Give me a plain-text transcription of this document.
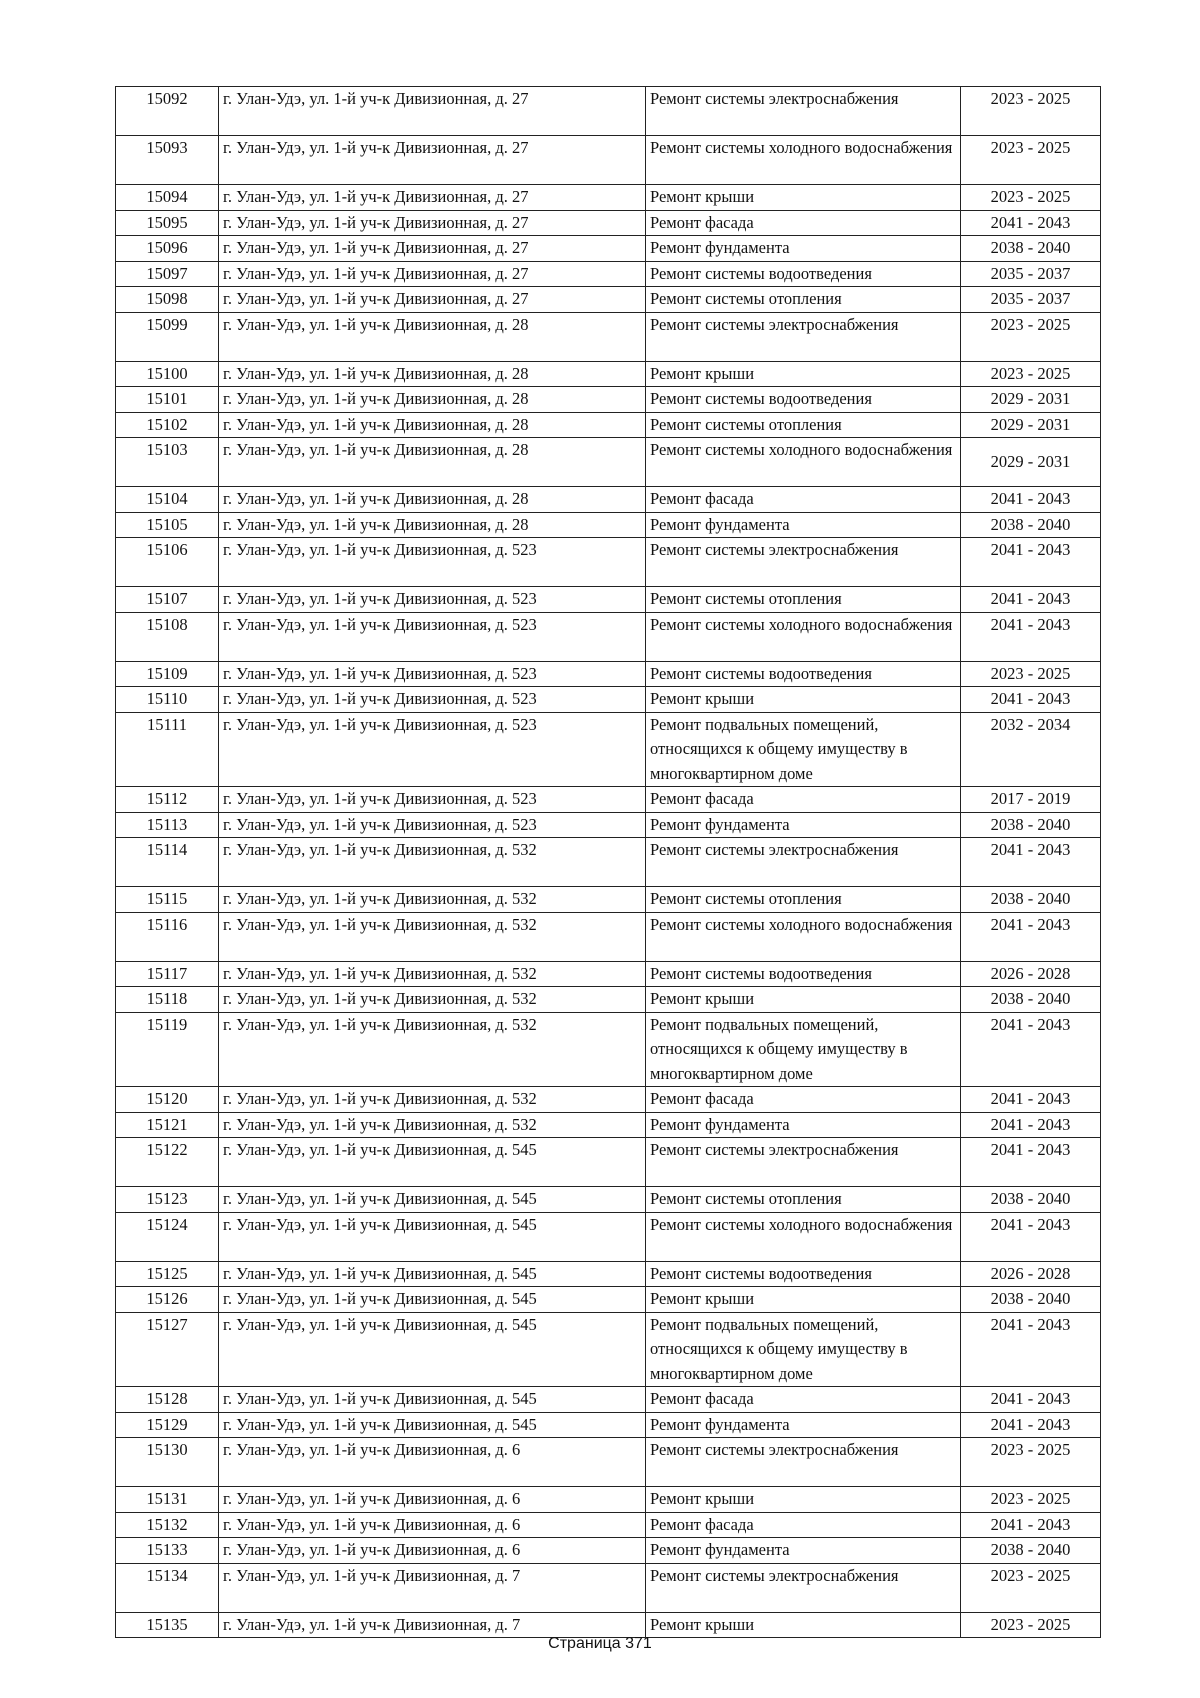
15092	г. Улан-Удэ, ул. 1-й уч-к Дивизионная, д. 27	Ремонт системы электроснабжения	2023 - 2025
15093	г. Улан-Удэ, ул. 1-й уч-к Дивизионная, д. 27	Ремонт системы холодного водоснабжения	2023 - 2025
15094	г. Улан-Удэ, ул. 1-й уч-к Дивизионная, д. 27	Ремонт крыши	2023 - 2025
15095	г. Улан-Удэ, ул. 1-й уч-к Дивизионная, д. 27	Ремонт фасада	2041 - 2043
15096	г. Улан-Удэ, ул. 1-й уч-к Дивизионная, д. 27	Ремонт фундамента	2038 - 2040
15097	г. Улан-Удэ, ул. 1-й уч-к Дивизионная, д. 27	Ремонт системы водоотведения	2035 - 2037
15098	г. Улан-Удэ, ул. 1-й уч-к Дивизионная, д. 27	Ремонт системы отопления	2035 - 2037
15099	г. Улан-Удэ, ул. 1-й уч-к Дивизионная, д. 28	Ремонт системы электроснабжения	2023 - 2025
15100	г. Улан-Удэ, ул. 1-й уч-к Дивизионная, д. 28	Ремонт крыши	2023 - 2025
15101	г. Улан-Удэ, ул. 1-й уч-к Дивизионная, д. 28	Ремонт системы водоотведения	2029 - 2031
15102	г. Улан-Удэ, ул. 1-й уч-к Дивизионная, д. 28	Ремонт системы отопления	2029 - 2031
15103	г. Улан-Удэ, ул. 1-й уч-к Дивизионная, д. 28	Ремонт системы холодного водоснабжения	2029 - 2031
15104	г. Улан-Удэ, ул. 1-й уч-к Дивизионная, д. 28	Ремонт фасада	2041 - 2043
15105	г. Улан-Удэ, ул. 1-й уч-к Дивизионная, д. 28	Ремонт фундамента	2038 - 2040
15106	г. Улан-Удэ, ул. 1-й уч-к Дивизионная, д. 523	Ремонт системы электроснабжения	2041 - 2043
15107	г. Улан-Удэ, ул. 1-й уч-к Дивизионная, д. 523	Ремонт системы отопления	2041 - 2043
15108	г. Улан-Удэ, ул. 1-й уч-к Дивизионная, д. 523	Ремонт системы холодного водоснабжения	2041 - 2043
15109	г. Улан-Удэ, ул. 1-й уч-к Дивизионная, д. 523	Ремонт системы водоотведения	2023 - 2025
15110	г. Улан-Удэ, ул. 1-й уч-к Дивизионная, д. 523	Ремонт крыши	2041 - 2043
15111	г. Улан-Удэ, ул. 1-й уч-к Дивизионная, д. 523	Ремонт подвальных помещений, относящихся к общему имуществу в многоквартирном доме	2032 - 2034
15112	г. Улан-Удэ, ул. 1-й уч-к Дивизионная, д. 523	Ремонт фасада	2017 - 2019
15113	г. Улан-Удэ, ул. 1-й уч-к Дивизионная, д. 523	Ремонт фундамента	2038 - 2040
15114	г. Улан-Удэ, ул. 1-й уч-к Дивизионная, д. 532	Ремонт системы электроснабжения	2041 - 2043
15115	г. Улан-Удэ, ул. 1-й уч-к Дивизионная, д. 532	Ремонт системы отопления	2038 - 2040
15116	г. Улан-Удэ, ул. 1-й уч-к Дивизионная, д. 532	Ремонт системы холодного водоснабжения	2041 - 2043
15117	г. Улан-Удэ, ул. 1-й уч-к Дивизионная, д. 532	Ремонт системы водоотведения	2026 - 2028
15118	г. Улан-Удэ, ул. 1-й уч-к Дивизионная, д. 532	Ремонт крыши	2038 - 2040
15119	г. Улан-Удэ, ул. 1-й уч-к Дивизионная, д. 532	Ремонт подвальных помещений, относящихся к общему имуществу в многоквартирном доме	2041 - 2043
15120	г. Улан-Удэ, ул. 1-й уч-к Дивизионная, д. 532	Ремонт фасада	2041 - 2043
15121	г. Улан-Удэ, ул. 1-й уч-к Дивизионная, д. 532	Ремонт фундамента	2041 - 2043
15122	г. Улан-Удэ, ул. 1-й уч-к Дивизионная, д. 545	Ремонт системы электроснабжения	2041 - 2043
15123	г. Улан-Удэ, ул. 1-й уч-к Дивизионная, д. 545	Ремонт системы отопления	2038 - 2040
15124	г. Улан-Удэ, ул. 1-й уч-к Дивизионная, д. 545	Ремонт системы холодного водоснабжения	2041 - 2043
15125	г. Улан-Удэ, ул. 1-й уч-к Дивизионная, д. 545	Ремонт системы водоотведения	2026 - 2028
15126	г. Улан-Удэ, ул. 1-й уч-к Дивизионная, д. 545	Ремонт крыши	2038 - 2040
15127	г. Улан-Удэ, ул. 1-й уч-к Дивизионная, д. 545	Ремонт подвальных помещений, относящихся к общему имуществу в многоквартирном доме	2041 - 2043
15128	г. Улан-Удэ, ул. 1-й уч-к Дивизионная, д. 545	Ремонт фасада	2041 - 2043
15129	г. Улан-Удэ, ул. 1-й уч-к Дивизионная, д. 545	Ремонт фундамента	2041 - 2043
15130	г. Улан-Удэ, ул. 1-й уч-к Дивизионная, д. 6	Ремонт системы электроснабжения	2023 - 2025
15131	г. Улан-Удэ, ул. 1-й уч-к Дивизионная, д. 6	Ремонт крыши	2023 - 2025
15132	г. Улан-Удэ, ул. 1-й уч-к Дивизионная, д. 6	Ремонт фасада	2041 - 2043
15133	г. Улан-Удэ, ул. 1-й уч-к Дивизионная, д. 6	Ремонт фундамента	2038 - 2040
15134	г. Улан-Удэ, ул. 1-й уч-к Дивизионная, д. 7	Ремонт системы электроснабжения	2023 - 2025
15135	г. Улан-Удэ, ул. 1-й уч-к Дивизионная, д. 7	Ремонт крыши	2023 - 2025
Страница 371
